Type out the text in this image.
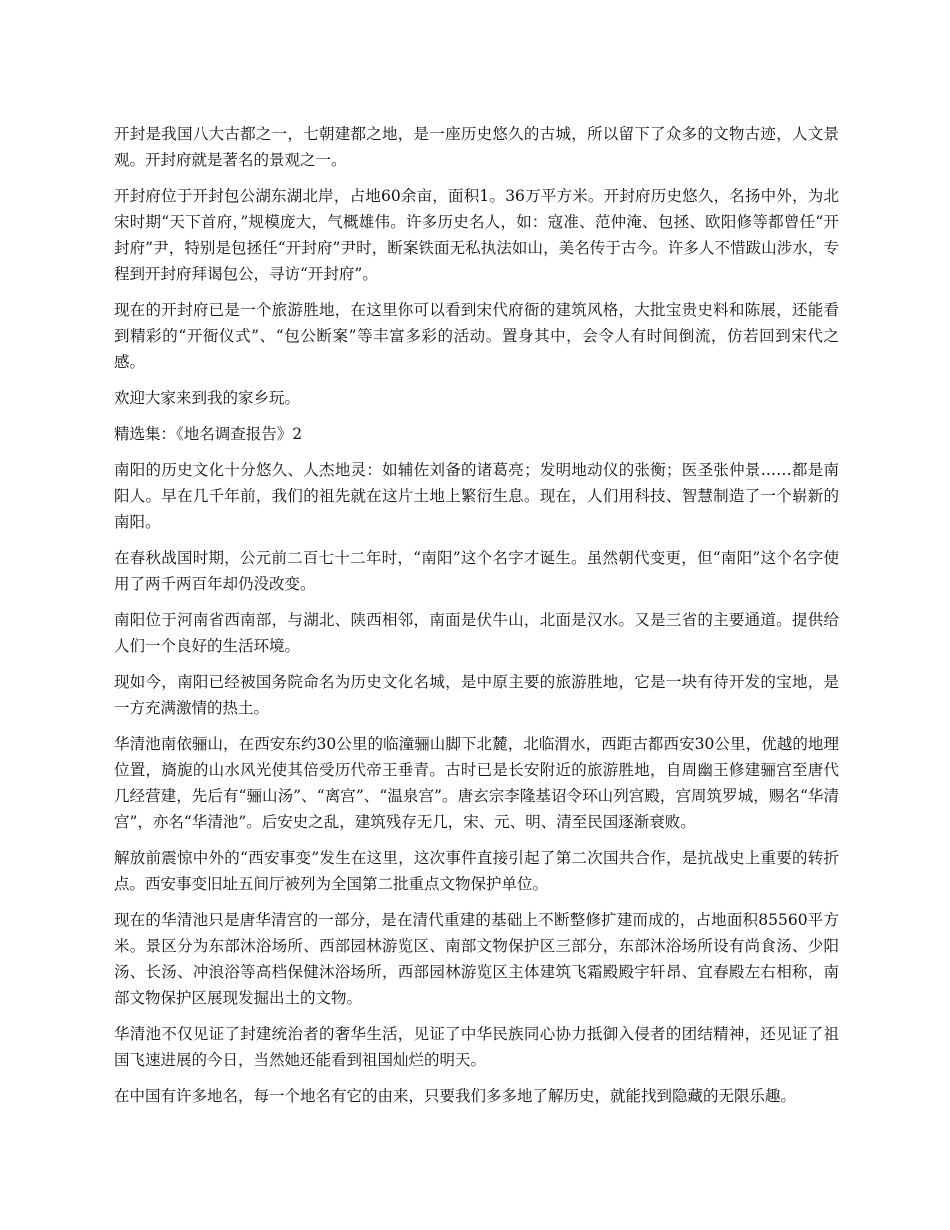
开封是我国八大古都之一，七朝建都之地，是一座历史悠久的古城，所以留下了众多的文物古迹，人文景观。开封府就是著名的景观之一。

开封府位于开封包公湖东湖北岸，占地60余亩，面积1。36万平方米。开封府历史悠久，名扬中外，为北宋时期“天下首府，”规模庞大，气概雄伟。许多历史名人，如：寇准、范仲淹、包拯、欧阳修等都曾任“开封府”尹，特别是包拯任“开封府”尹时，断案铁面无私执法如山，美名传于古今。许多人不惜跋山涉水，专程到开封府拜谒包公，寻访“开封府”。

现在的开封府已是一个旅游胜地，在这里你可以看到宋代府衙的建筑风格，大批宝贵史料和陈展，还能看到精彩的“开衙仪式”、“包公断案”等丰富多彩的活动。置身其中，会令人有时间倒流，仿若回到宋代之感。

欢迎大家来到我的家乡玩。

精选集：《地名调查报告》2

南阳的历史文化十分悠久、人杰地灵：如辅佐刘备的诸葛亮；发明地动仪的张衡；医圣张仲景……都是南阳人。早在几千年前，我们的祖先就在这片土地上繁衍生息。现在，人们用科技、智慧制造了一个崭新的南阳。

在春秋战国时期，公元前二百七十二年时，“南阳”这个名字才诞生。虽然朝代变更，但“南阳”这个名字使用了两千两百年却仍没改变。

南阳位于河南省西南部，与湖北、陕西相邻，南面是伏牛山，北面是汉水。又是三省的主要通道。提供给人们一个良好的生活环境。

现如今，南阳已经被国务院命名为历史文化名城，是中原主要的旅游胜地，它是一块有待开发的宝地，是一方充满激情的热土。

华清池南依骊山，在西安东约30公里的临潼骊山脚下北麓，北临渭水，西距古都西安30公里，优越的地理位置，旖旎的山水风光使其倍受历代帝王垂青。古时已是长安附近的旅游胜地，自周幽王修建骊宫至唐代几经营建，先后有“骊山汤”、“离宫”、“温泉宫”。唐玄宗李隆基诏令环山列宫殿，宫周筑罗城，赐名“华清宫”，亦名“华清池”。后安史之乱，建筑残存无几，宋、元、明、清至民国逐渐衰败。

解放前震惊中外的“西安事变”发生在这里，这次事件直接引起了第二次国共合作，是抗战史上重要的转折点。西安事变旧址五间厅被列为全国第二批重点文物保护单位。

现在的华清池只是唐华清宫的一部分，是在清代重建的基础上不断整修扩建而成的，占地面积85560平方米。景区分为东部沐浴场所、西部园林游览区、南部文物保护区三部分，东部沐浴场所设有尚食汤、少阳汤、长汤、冲浪浴等高档保健沐浴场所，西部园林游览区主体建筑飞霜殿殿宇轩昂、宜春殿左右相称，南部文物保护区展现发掘出土的文物。

华清池不仅见证了封建统治者的奢华生活，见证了中华民族同心协力抵御入侵者的团结精神，还见证了祖国飞速进展的今日，当然她还能看到祖国灿烂的明天。

在中国有许多地名，每一个地名有它的由来，只要我们多多地了解历史，就能找到隐藏的无限乐趣。
